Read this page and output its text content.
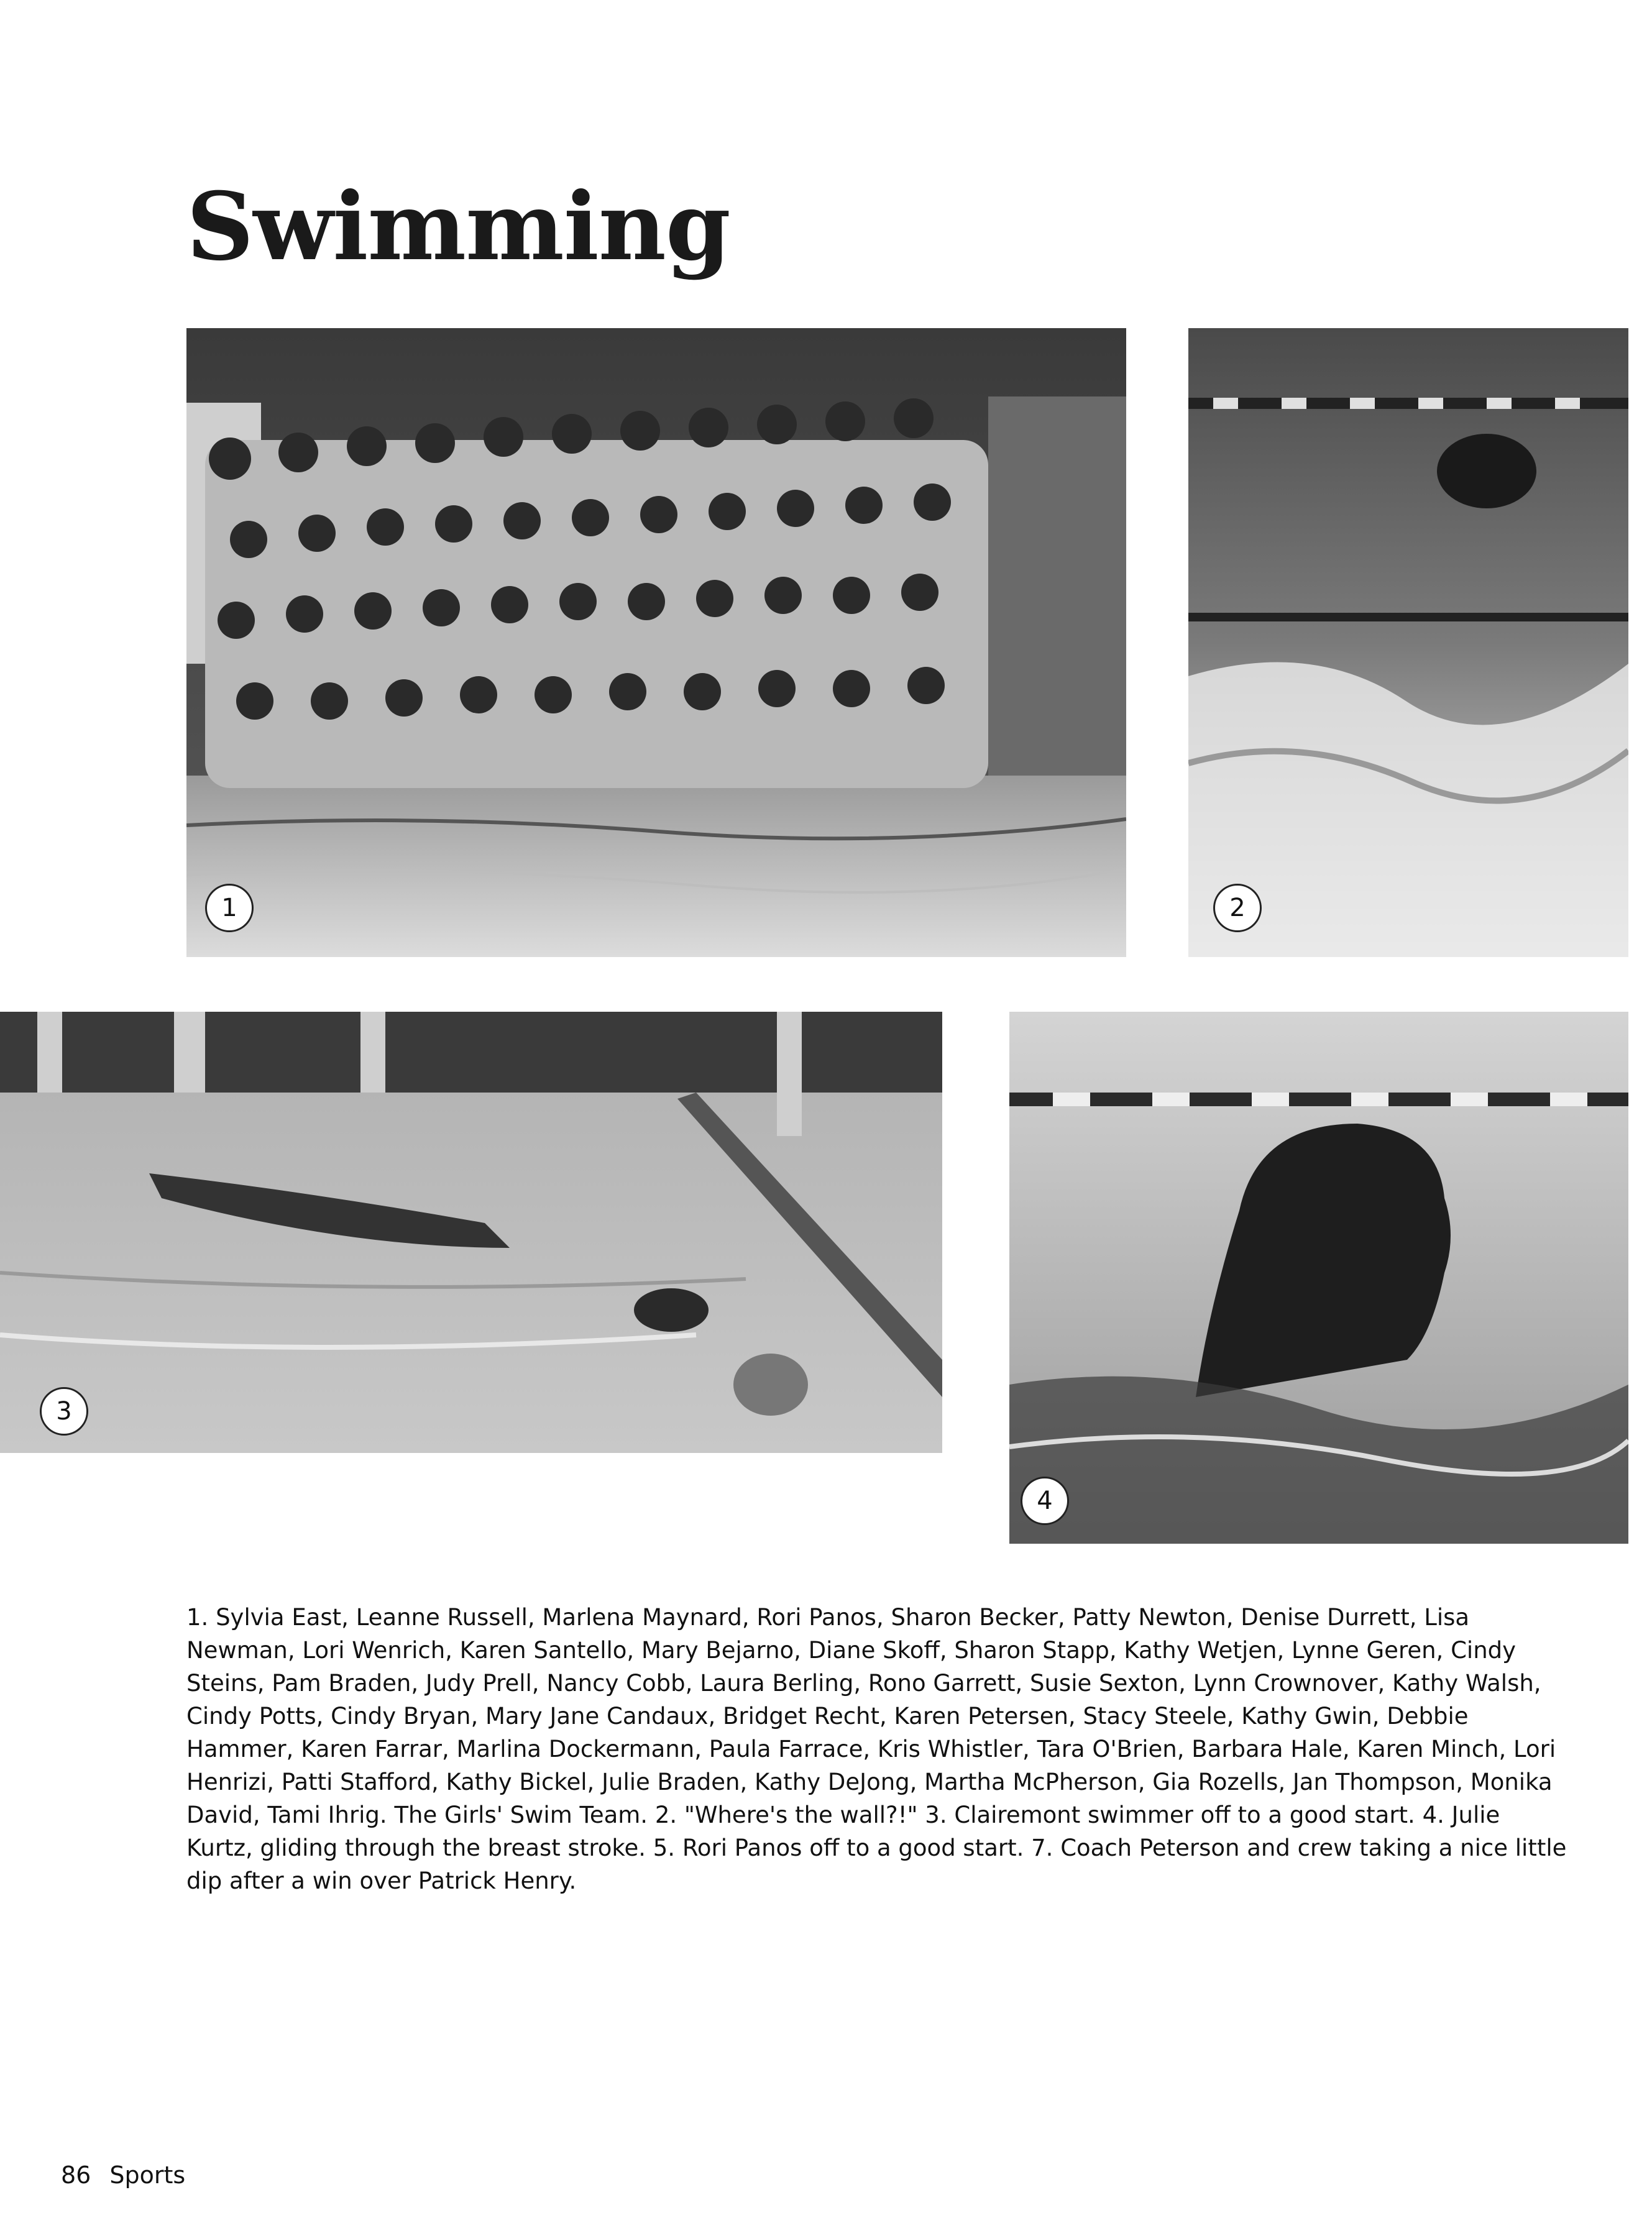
Swimming
1	2
3
4

1. Sylvia East, Leanne Russell, Marlena Maynard, Rori Panos, Sharon Becker, Patty Newton, Denise Durrett, Lisa Newman, Lori Wenrich, Karen Santello, Mary Bejarno, Diane Skoff, Sharon Stapp, Kathy Wetjen, Lynne Geren, Cindy Steins, Pam Braden, Judy Prell, Nancy Cobb, Laura Berling, Rono Garrett, Susie Sexton, Lynn Crownover, Kathy Walsh, Cindy Potts, Cindy Bryan, Mary Jane Candaux, Bridget Recht, Karen Petersen, Stacy Steele, Kathy Gwin, Debbie Hammer, Karen Farrar, Marlina Dockermann, Paula Farrace, Kris Whistler, Tara O'Brien, Barbara Hale, Karen Minch, Lori Henrizi, Patti Stafford, Kathy Bickel, Julie Braden, Kathy DeJong, Martha McPherson, Gia Rozells, Jan Thompson, Monika David, Tami Ihrig. The Girls' Swim Team. 2. "Where's the wall?!" 3. Clairemont swimmer off to a good start. 4. Julie Kurtz, gliding through the breast stroke. 5. Rori Panos off to a good start. 7. Coach Peterson and crew taking a nice little dip after a win over Patrick Henry.

86 Sports
